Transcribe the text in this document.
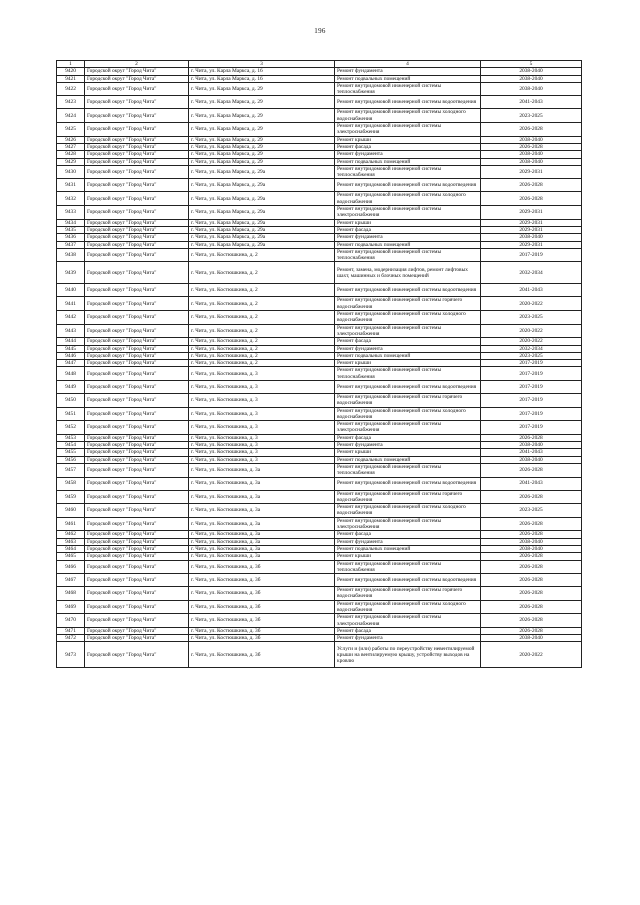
196
1	2	3	4	5
9420	Городской округ "Город Чита"	г. Чита, ул. Карла Маркса, д. 16	Ремонт фундамента	2038-2040
9421	Городской округ "Город Чита"	г. Чита, ул. Карла Маркса, д. 16	Ремонт подвальных помещений	2038-2040
9422	Городской округ "Город Чита"	г. Чита, ул. Карла Маркса, д. 29	Ремонт внутридомовой инженерной системы теплоснабжения	2038-2040
9423	Городской округ "Город Чита"	г. Чита, ул. Карла Маркса, д. 29	Ремонт внутридомовой инженерной системы водоотведения	2041-2043
9424	Городской округ "Город Чита"	г. Чита, ул. Карла Маркса, д. 29	Ремонт внутридомовой инженерной системы холодного водоснабжения	2023-2025
9425	Городской округ "Город Чита"	г. Чита, ул. Карла Маркса, д. 29	Ремонт внутридомовой инженерной системы электроснабжения	2026-2028
9426	Городской округ "Город Чита"	г. Чита, ул. Карла Маркса, д. 29	Ремонт крыши	2038-2040
9427	Городской округ "Город Чита"	г. Чита, ул. Карла Маркса, д. 29	Ремонт фасада	2026-2028
9428	Городской округ "Город Чита"	г. Чита, ул. Карла Маркса, д. 29	Ремонт фундамента	2038-2040
9429	Городской округ "Город Чита"	г. Чита, ул. Карла Маркса, д. 29	Ремонт подвальных помещений	2038-2040
9430	Городской округ "Город Чита"	г. Чита, ул. Карла Маркса, д. 29а	Ремонт внутридомовой инженерной системы теплоснабжения	2029-2031
9431	Городской округ "Город Чита"	г. Чита, ул. Карла Маркса, д. 29а	Ремонт внутридомовой инженерной системы водоотведения	2026-2028
9432	Городской округ "Город Чита"	г. Чита, ул. Карла Маркса, д. 29а	Ремонт внутридомовой инженерной системы холодного водоснабжения	2026-2028
9433	Городской округ "Город Чита"	г. Чита, ул. Карла Маркса, д. 29а	Ремонт внутридомовой инженерной системы электроснабжения	2029-2031
9434	Городской округ "Город Чита"	г. Чита, ул. Карла Маркса, д. 29а	Ремонт крыши	2029-2031
9435	Городской округ "Город Чита"	г. Чита, ул. Карла Маркса, д. 29а	Ремонт фасада	2029-2031
9436	Городской округ "Город Чита"	г. Чита, ул. Карла Маркса, д. 29а	Ремонт фундамента	2038-2040
9437	Городской округ "Город Чита"	г. Чита, ул. Карла Маркса, д. 29а	Ремонт подвальных помещений	2029-2031
9438	Городской округ "Город Чита"	г. Чита, ул. Костюшкина, д. 2	Ремонт внутридомовой инженерной системы теплоснабжения	2017-2019
9439	Городской округ "Город Чита"	г. Чита, ул. Костюшкина, д. 2	Ремонт, замена, модернизация лифтов, ремонт лифтовых шахт, машинных и блочных помещений	2032-2034
9440	Городской округ "Город Чита"	г. Чита, ул. Костюшкина, д. 2	Ремонт внутридомовой инженерной системы водоотведения	2041-2043
9441	Городской округ "Город Чита"	г. Чита, ул. Костюшкина, д. 2	Ремонт внутридомовой инженерной системы горячего водоснабжения	2020-2022
9442	Городской округ "Город Чита"	г. Чита, ул. Костюшкина, д. 2	Ремонт внутридомовой инженерной системы холодного водоснабжения	2023-2025
9443	Городской округ "Город Чита"	г. Чита, ул. Костюшкина, д. 2	Ремонт внутридомовой инженерной системы электроснабжения	2020-2022
9444	Городской округ "Город Чита"	г. Чита, ул. Костюшкина, д. 2	Ремонт фасада	2020-2022
9445	Городской округ "Город Чита"	г. Чита, ул. Костюшкина, д. 2	Ремонт фундамента	2032-2034
9446	Городской округ "Город Чита"	г. Чита, ул. Костюшкина, д. 2	Ремонт подвальных помещений	2023-2025
9447	Городской округ "Город Чита"	г. Чита, ул. Костюшкина, д. 2	Ремонт крыши	2017-2019
9448	Городской округ "Город Чита"	г. Чита, ул. Костюшкина, д. 3	Ремонт внутридомовой инженерной системы теплоснабжения	2017-2019
9449	Городской округ "Город Чита"	г. Чита, ул. Костюшкина, д. 3	Ремонт внутридомовой инженерной системы водоотведения	2017-2019
9450	Городской округ "Город Чита"	г. Чита, ул. Костюшкина, д. 3	Ремонт внутридомовой инженерной системы горячего водоснабжения	2017-2019
9451	Городской округ "Город Чита"	г. Чита, ул. Костюшкина, д. 3	Ремонт внутридомовой инженерной системы холодного водоснабжения	2017-2019
9452	Городской округ "Город Чита"	г. Чита, ул. Костюшкина, д. 3	Ремонт внутридомовой инженерной системы электроснабжения	2017-2019
9453	Городской округ "Город Чита"	г. Чита, ул. Костюшкина, д. 3	Ремонт фасада	2026-2028
9454	Городской округ "Город Чита"	г. Чита, ул. Костюшкина, д. 3	Ремонт фундамента	2038-2040
9455	Городской округ "Город Чита"	г. Чита, ул. Костюшкина, д. 3	Ремонт крыши	2041-2043
9456	Городской округ "Город Чита"	г. Чита, ул. Костюшкина, д. 3	Ремонт подвальных помещений	2038-2040
9457	Городской округ "Город Чита"	г. Чита, ул. Костюшкина, д. 3а	Ремонт внутридомовой инженерной системы теплоснабжения	2026-2028
9458	Городской округ "Город Чита"	г. Чита, ул. Костюшкина, д. 3а	Ремонт внутридомовой инженерной системы водоотведения	2041-2043
9459	Городской округ "Город Чита"	г. Чита, ул. Костюшкина, д. 3а	Ремонт внутридомовой инженерной системы горячего водоснабжения	2026-2028
9460	Городской округ "Город Чита"	г. Чита, ул. Костюшкина, д. 3а	Ремонт внутридомовой инженерной системы холодного водоснабжения	2023-2025
9461	Городской округ "Город Чита"	г. Чита, ул. Костюшкина, д. 3а	Ремонт внутридомовой инженерной системы электроснабжения	2026-2028
9462	Городской округ "Город Чита"	г. Чита, ул. Костюшкина, д. 3а	Ремонт фасада	2026-2028
9463	Городской округ "Город Чита"	г. Чита, ул. Костюшкина, д. 3а	Ремонт фундамента	2038-2040
9464	Городской округ "Город Чита"	г. Чита, ул. Костюшкина, д. 3а	Ремонт подвальных помещений	2038-2040
9465	Городской округ "Город Чита"	г. Чита, ул. Костюшкина, д. 3а	Ремонт крыши	2026-2028
9466	Городской округ "Город Чита"	г. Чита, ул. Костюшкина, д. 3б	Ремонт внутридомовой инженерной системы теплоснабжения	2026-2028
9467	Городской округ "Город Чита"	г. Чита, ул. Костюшкина, д. 3б	Ремонт внутридомовой инженерной системы водоотведения	2026-2028
9468	Городской округ "Город Чита"	г. Чита, ул. Костюшкина, д. 3б	Ремонт внутридомовой инженерной системы горячего водоснабжения	2026-2028
9469	Городской округ "Город Чита"	г. Чита, ул. Костюшкина, д. 3б	Ремонт внутридомовой инженерной системы холодного водоснабжения	2026-2028
9470	Городской округ "Город Чита"	г. Чита, ул. Костюшкина, д. 3б	Ремонт внутридомовой инженерной системы электроснабжения	2026-2028
9471	Городской округ "Город Чита"	г. Чита, ул. Костюшкина, д. 3б	Ремонт фасада	2026-2028
9472	Городской округ "Город Чита"	г. Чита, ул. Костюшкина, д. 3б	Ремонт фундамента	2038-2040
9473	Городской округ "Город Чита"	г. Чита, ул. Костюшкина, д. 3б	Услуги и (или) работы по переустройству невентилируемой крыши на вентилируемую крышу, устройству выходов на кровлю	2020-2022
